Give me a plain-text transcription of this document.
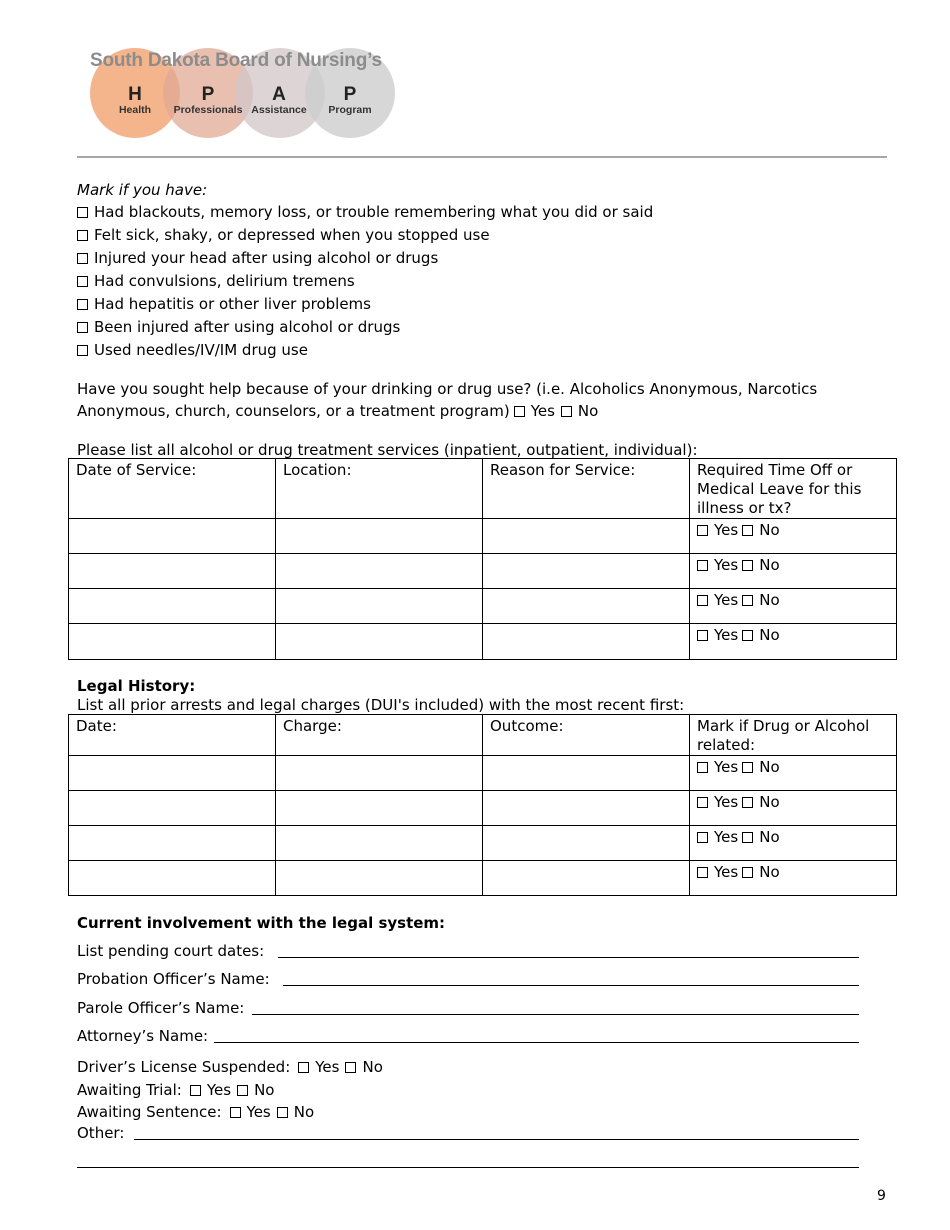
South Dakota Board of Nursing’s
H
Health
P
Professionals
A
Assistance
P
Program
Mark if you have:
Had blackouts, memory loss, or trouble remembering what you did or said
Felt sick, shaky, or depressed when you stopped use
Injured your head after using alcohol or drugs
Had convulsions, delirium tremens
Had hepatitis or other liver problems
Been injured after using alcohol or drugs
Used needles/IV/IM drug use
Have you sought help because of your drinking or drug use? (i.e. Alcoholics Anonymous, Narcotics
Anonymous, church, counselors, or a treatment program) Yes No
Please list all alcohol or drug treatment services (inpatient, outpatient, individual):
Date of Service:	Location:	Reason for Service:	Required Time Off or Medical Leave for this illness or tx?
			Yes No
			Yes No
			Yes No
			Yes No
Legal History:
List all prior arrests and legal charges (DUI's included) with the most recent first:
Date:	Charge:	Outcome:	Mark if Drug or Alcohol related:
			Yes No
			Yes No
			Yes No
			Yes No
Current involvement with the legal system:
List pending court dates:
Probation Officer’s Name:
Parole Officer’s Name:
Attorney’s Name:
Driver’s License Suspended: Yes No
Awaiting Trial: Yes No
Awaiting Sentence: Yes No
Other:
9
